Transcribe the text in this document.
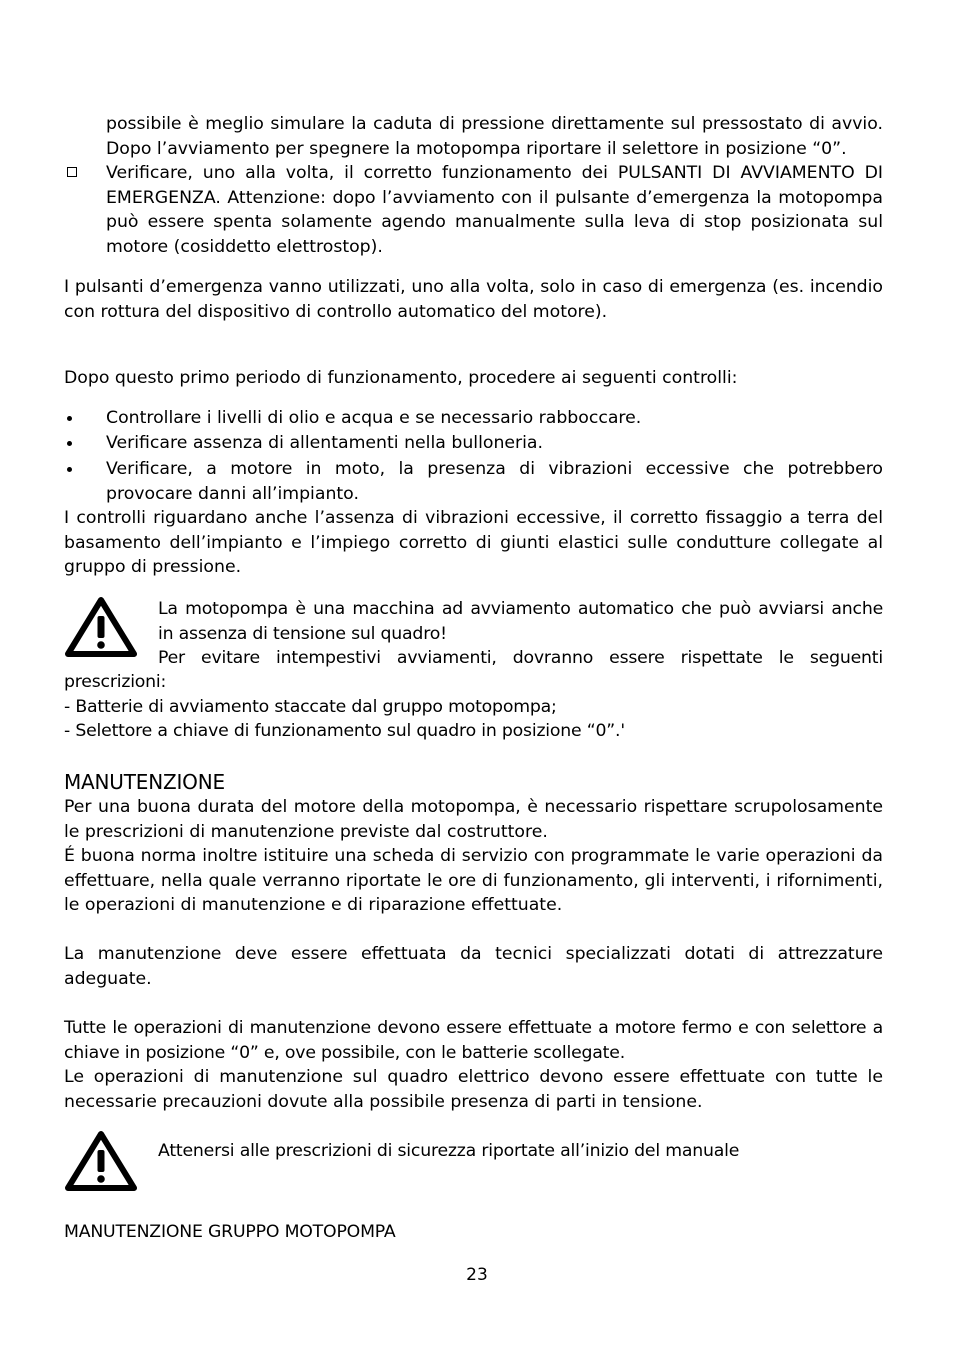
possibile è meglio simulare la caduta di pressione direttamente sul pressostato di avvio.
Dopo l’avviamento per spegnere la motopompa riportare il selettore in posizione “0”.

Verificare, uno alla volta, il corretto funzionamento dei PULSANTI DI AVVIAMENTO DI EMERGENZA. Attenzione: dopo l’avviamento con il pulsante d’emergenza la motopompa può essere spenta solamente agendo manualmente sulla leva di stop posizionata sul motore (cosiddetto elettrostop).

I pulsanti d’emergenza vanno utilizzati, uno alla volta, solo in caso di emergenza (es. incendio con rottura del dispositivo di controllo automatico del motore).

Dopo questo primo periodo di funzionamento, procedere ai seguenti controlli:

Controllare i livelli di olio e acqua e se necessario rabboccare.

Verificare assenza di allentamenti nella bulloneria.

Verificare, a motore in moto, la presenza di vibrazioni eccessive che potrebbero provocare danni all’impianto.

I controlli riguardano anche l’assenza di vibrazioni eccessive, il corretto fissaggio a terra del basamento dell’impianto e l’impiego corretto di giunti elastici sulle condutture collegate al gruppo di pressione.

La motopompa è una macchina ad avviamento automatico che può avviarsi anche
in assenza di tensione sul quadro!
Per evitare intempestivi avviamenti, dovranno essere rispettate le seguenti
prescrizioni:
- Batterie di avviamento staccate dal gruppo motopompa;
- Selettore a chiave di funzionamento sul quadro in posizione “0”.'
MANUTENZIONE

Per una buona durata del motore della motopompa, è necessario rispettare scrupolosamente le prescrizioni di manutenzione previste dal costruttore.

É buona norma inoltre istituire una scheda di servizio con programmate le varie operazioni da effettuare, nella quale verranno riportate le ore di funzionamento, gli interventi, i rifornimenti, le operazioni di manutenzione e di riparazione effettuate.

La manutenzione deve essere effettuata da tecnici specializzati dotati di attrezzature adeguate.

Tutte le operazioni di manutenzione devono essere effettuate a motore fermo e con selettore a chiave in posizione “0” e, ove possibile, con le batterie scollegate.

Le operazioni di manutenzione sul quadro elettrico devono essere effettuate con tutte le necessarie precauzioni dovute alla possibile presenza di parti in tensione.

Attenersi alle prescrizioni di sicurezza riportate all’inizio del manuale
MANUTENZIONE GRUPPO MOTOPOMPA
23
